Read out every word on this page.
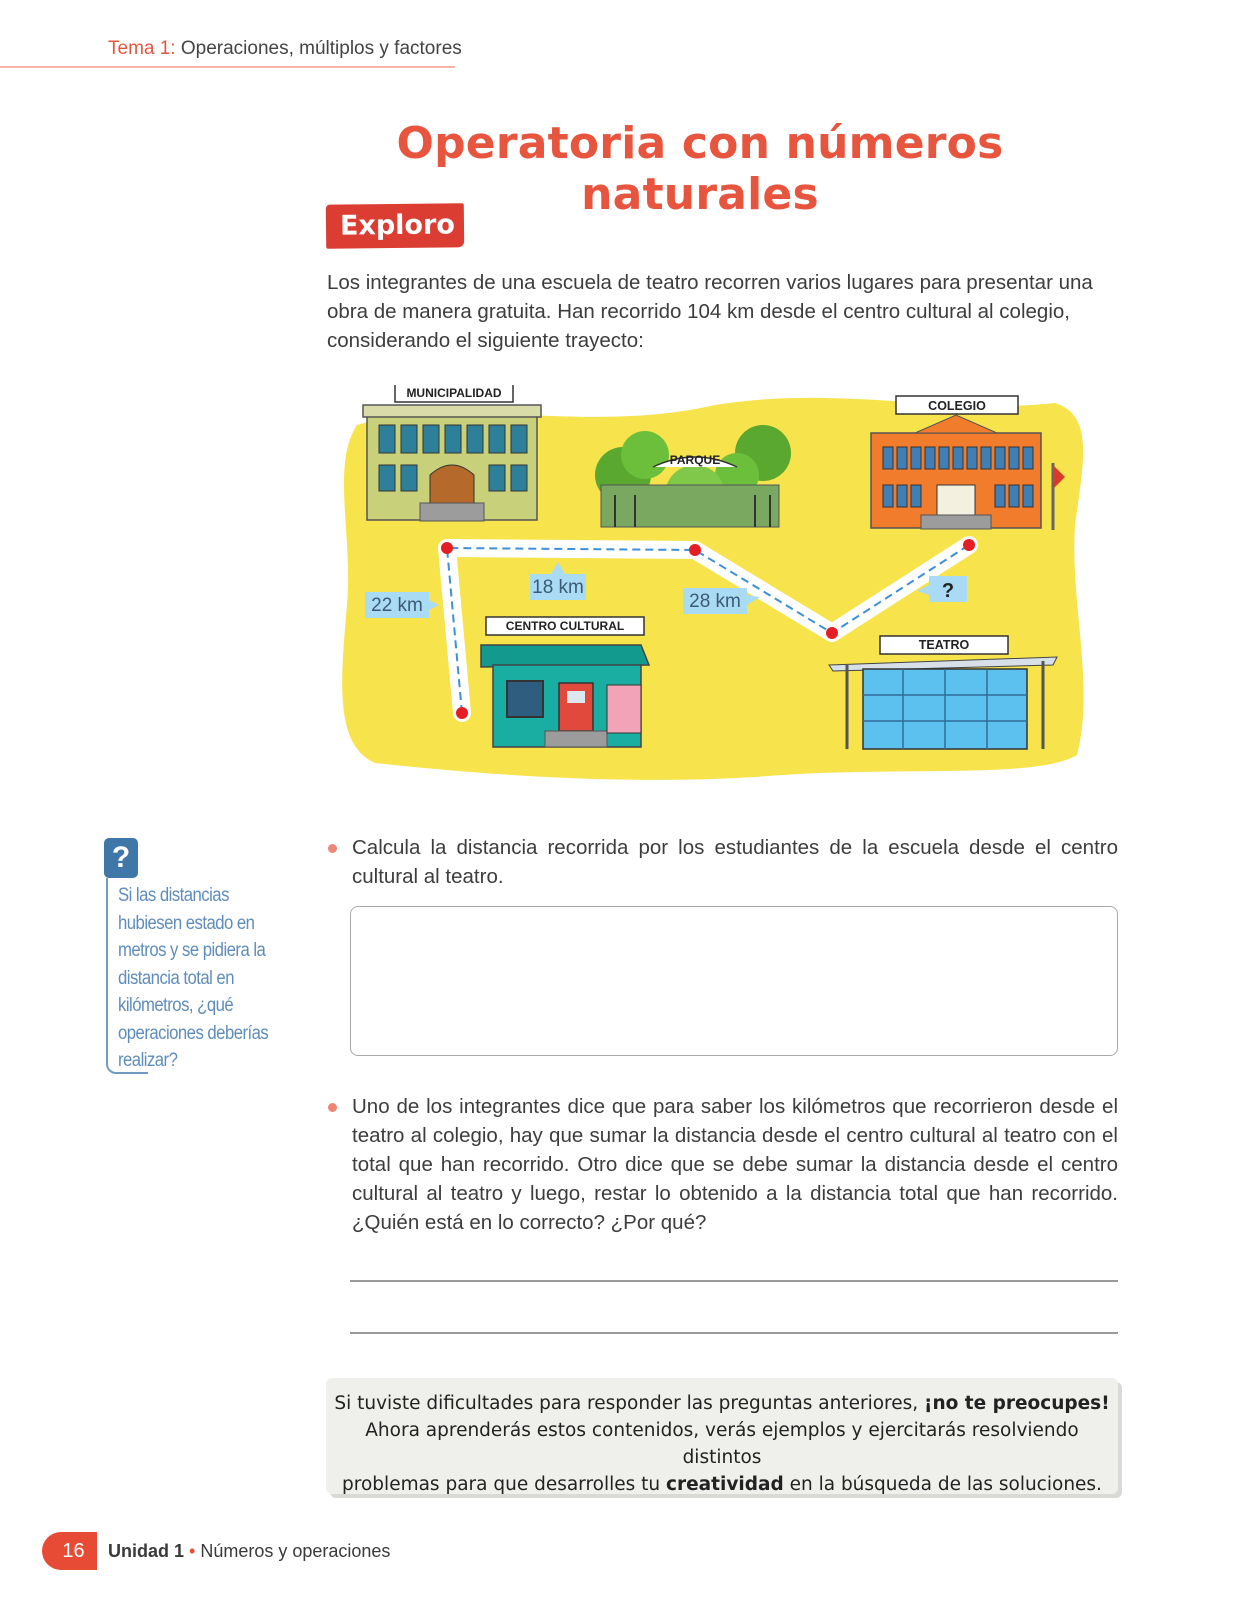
Tema 1: Operaciones, múltiplos y factores
Operatoria con números naturales
Exploro
Los integrantes de una escuela de teatro recorren varios lugares para presentar una obra de manera gratuita. Han recorrido 104 km desde el centro cultural al colegio, considerando el siguiente trayecto:
MUNICIPALIDAD
PARQUE
COLEGIO
22 km
18 km
28 km	?
CENTRO CULTURAL
TEATRO
?
Si las distancias hubiesen estado en metros y se pidiera la distancia total en kilómetros, ¿qué operaciones deberías realizar?
Calcula la distancia recorrida por los estudiantes de la escuela desde el centro cultural al teatro.
Uno de los integrantes dice que para saber los kilómetros que recorrieron desde el teatro al colegio, hay que sumar la distancia desde el centro cultural al teatro con el total que han recorrido. Otro dice que se debe sumar la distancia desde el centro cultural al teatro y luego, restar lo obtenido a la distancia total que han recorrido. ¿Quién está en lo correcto? ¿Por qué?
Si tuviste dificultades para responder las preguntas anteriores, ¡no te preocupes!
Ahora aprenderás estos contenidos, verás ejemplos y ejercitarás resolviendo distintos
problemas para que desarrolles tu creatividad en la búsqueda de las soluciones.
16	Unidad 1 • Números y operaciones
